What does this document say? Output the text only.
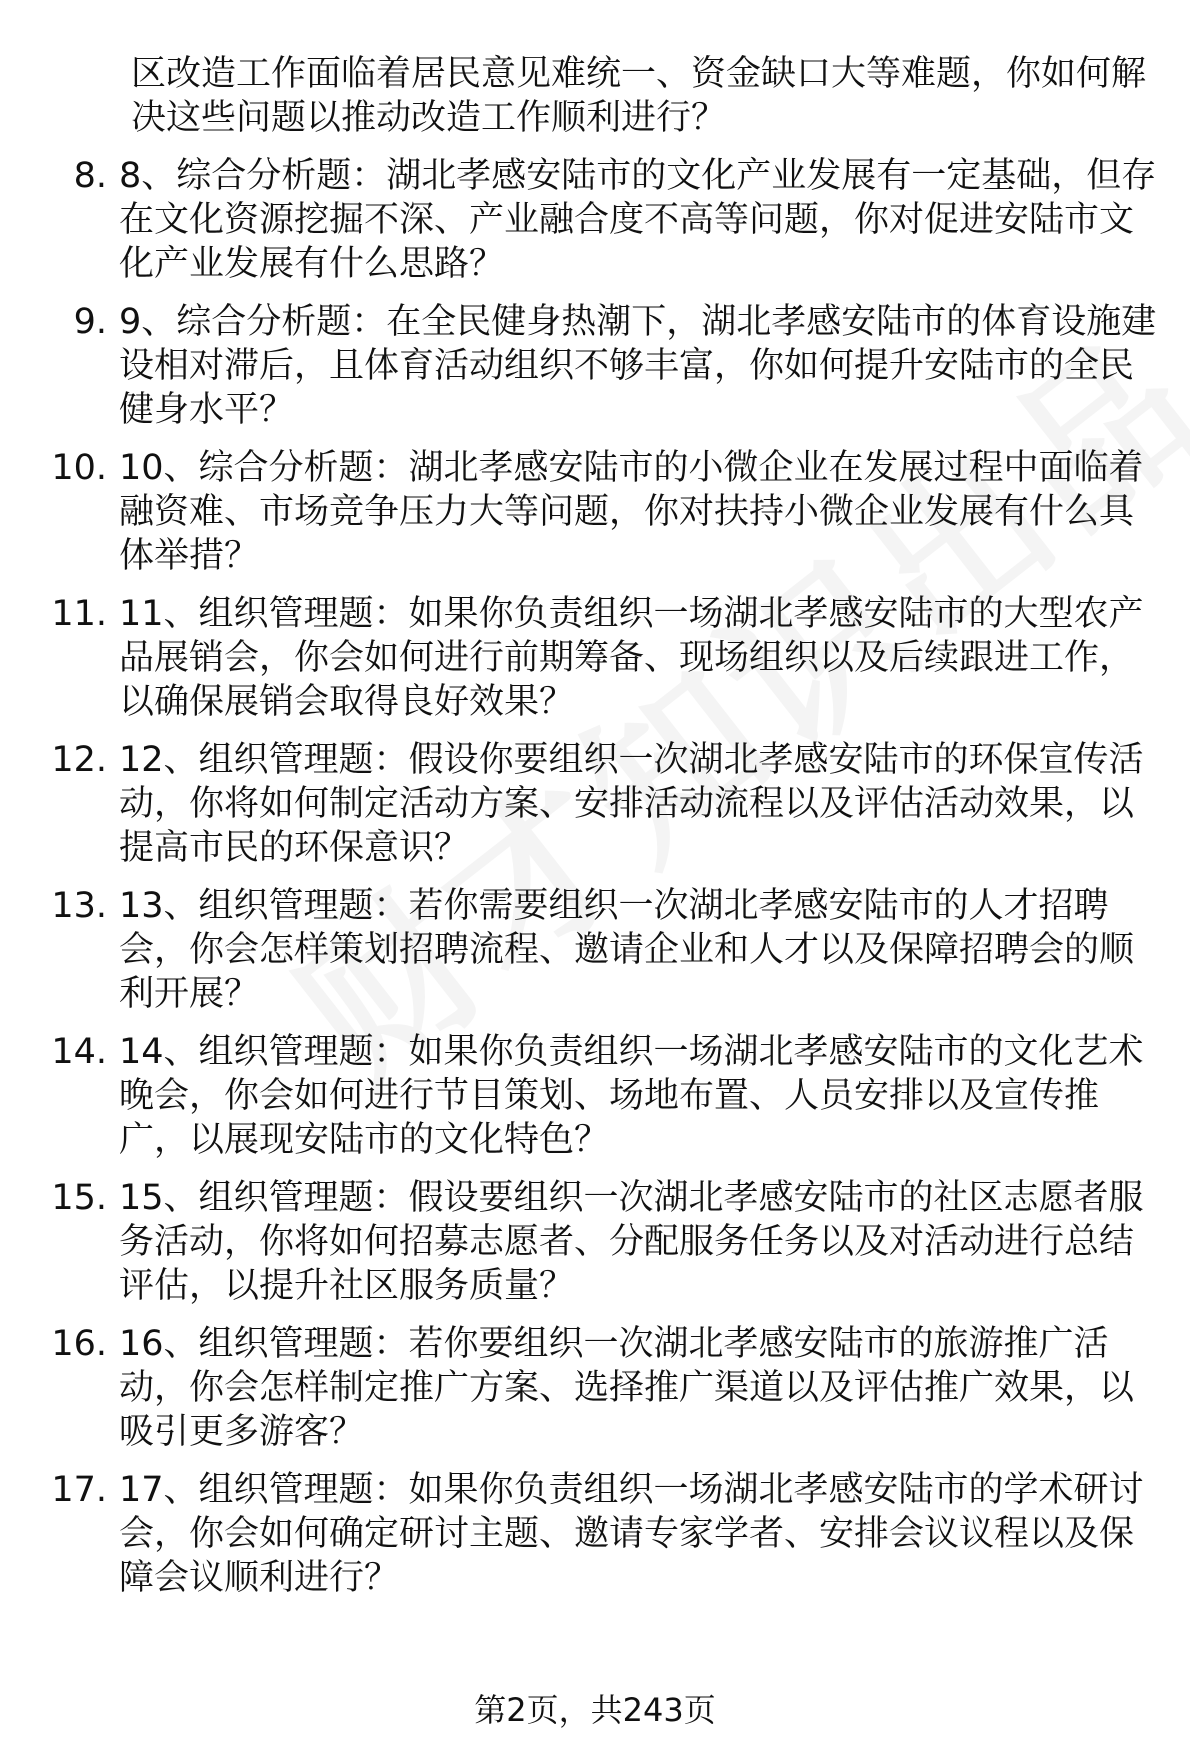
区改造工作面临着居民意见难统一、资金缺口大等难题，你如何解决这些问题以推动改造工作顺利进行？
8. 8、综合分析题：湖北孝感安陆市的文化产业发展有一定基础，但存在文化资源挖掘不深、产业融合度不高等问题，你对促进安陆市文化产业发展有什么思路？
9. 9、综合分析题：在全民健身热潮下，湖北孝感安陆市的体育设施建设相对滞后，且体育活动组织不够丰富，你如何提升安陆市的全民健身水平？
10. 10、综合分析题：湖北孝感安陆市的小微企业在发展过程中面临着融资难、市场竞争压力大等问题，你对扶持小微企业发展有什么具体举措？
11. 11、组织管理题：如果你负责组织一场湖北孝感安陆市的大型农产品展销会，你会如何进行前期筹备、现场组织以及后续跟进工作，以确保展销会取得良好效果？
12. 12、组织管理题：假设你要组织一次湖北孝感安陆市的环保宣传活动，你将如何制定活动方案、安排活动流程以及评估活动效果，以提高市民的环保意识？
13. 13、组织管理题：若你需要组织一次湖北孝感安陆市的人才招聘会，你会怎样策划招聘流程、邀请企业和人才以及保障招聘会的顺利开展？
14. 14、组织管理题：如果你负责组织一场湖北孝感安陆市的文化艺术晚会，你会如何进行节目策划、场地布置、人员安排以及宣传推广，以展现安陆市的文化特色？
15. 15、组织管理题：假设要组织一次湖北孝感安陆市的社区志愿者服务活动，你将如何招募志愿者、分配服务任务以及对活动进行总结评估，以提升社区服务质量？
16. 16、组织管理题：若你要组织一次湖北孝感安陆市的旅游推广活动，你会怎样制定推广方案、选择推广渠道以及评估推广效果，以吸引更多游客？
17. 17、组织管理题：如果你负责组织一场湖北孝感安陆市的学术研讨会，你会如何确定研讨主题、邀请专家学者、安排会议议程以及保障会议顺利进行？
第2页，共243页
